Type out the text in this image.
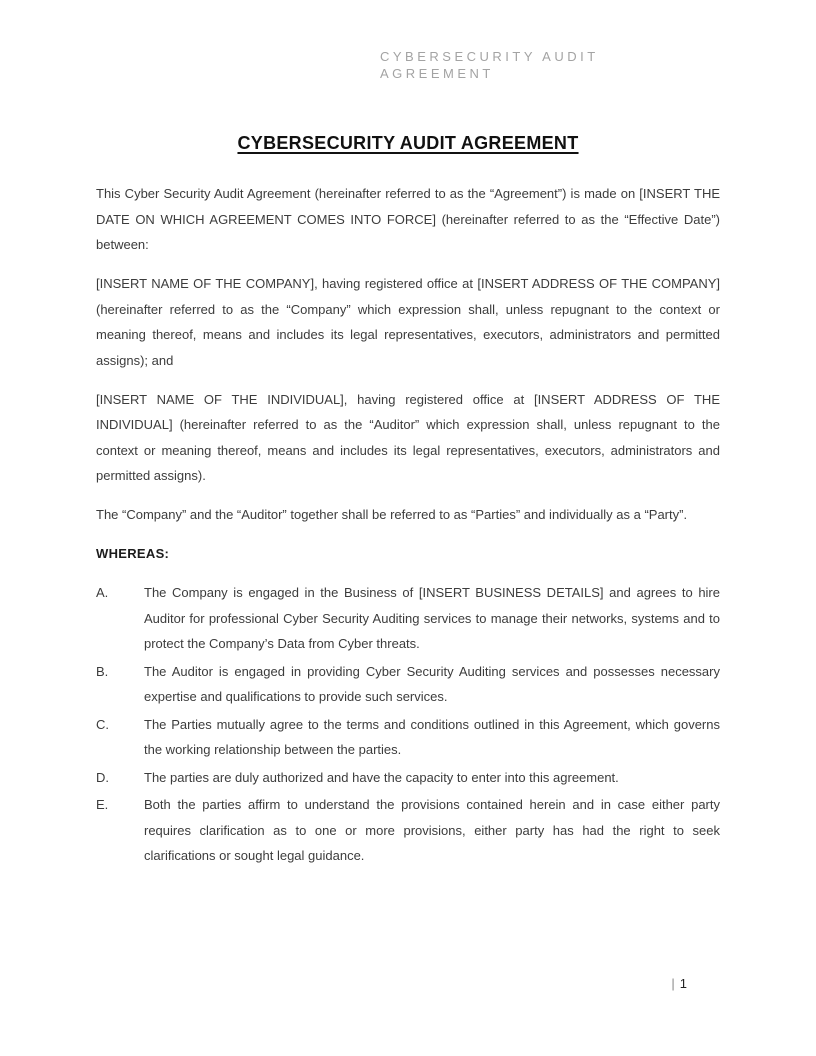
CYBERSECURITY AUDIT AGREEMENT
CYBERSECURITY AUDIT AGREEMENT

This Cyber Security Audit Agreement (hereinafter referred to as the “Agreement”) is made on [INSERT THE DATE ON WHICH AGREEMENT COMES INTO FORCE] (hereinafter referred to as the “Effective Date”) between:

[INSERT NAME OF THE COMPANY], having registered office at [INSERT ADDRESS OF THE COMPANY] (hereinafter referred to as the “Company” which expression shall, unless repugnant to the context or meaning thereof, means and includes its legal representatives, executors, administrators and permitted assigns); and

[INSERT NAME OF THE INDIVIDUAL], having registered office at [INSERT ADDRESS OF THE INDIVIDUAL] (hereinafter referred to as the “Auditor” which expression shall, unless repugnant to the context or meaning thereof, means and includes its legal representatives, executors, administrators and permitted assigns).

The “Company” and the “Auditor” together shall be referred to as “Parties” and individually as a “Party”.

WHEREAS:

A.	The Company is engaged in the Business of [INSERT BUSINESS DETAILS] and agrees to hire Auditor for professional Cyber Security Auditing services to manage their networks, systems and to protect the Company’s Data from Cyber threats.
B.	The Auditor is engaged in providing Cyber Security Auditing services and possesses necessary expertise and qualifications to provide such services.
C.	The Parties mutually agree to the terms and conditions outlined in this Agreement, which governs the working relationship between the parties.
D.	The parties are duly authorized and have the capacity to enter into this agreement.
E.	Both the parties affirm to understand the provisions contained herein and in case either party requires clarification as to one or more provisions, either party has had the right to seek clarifications or sought legal guidance.
| 1
